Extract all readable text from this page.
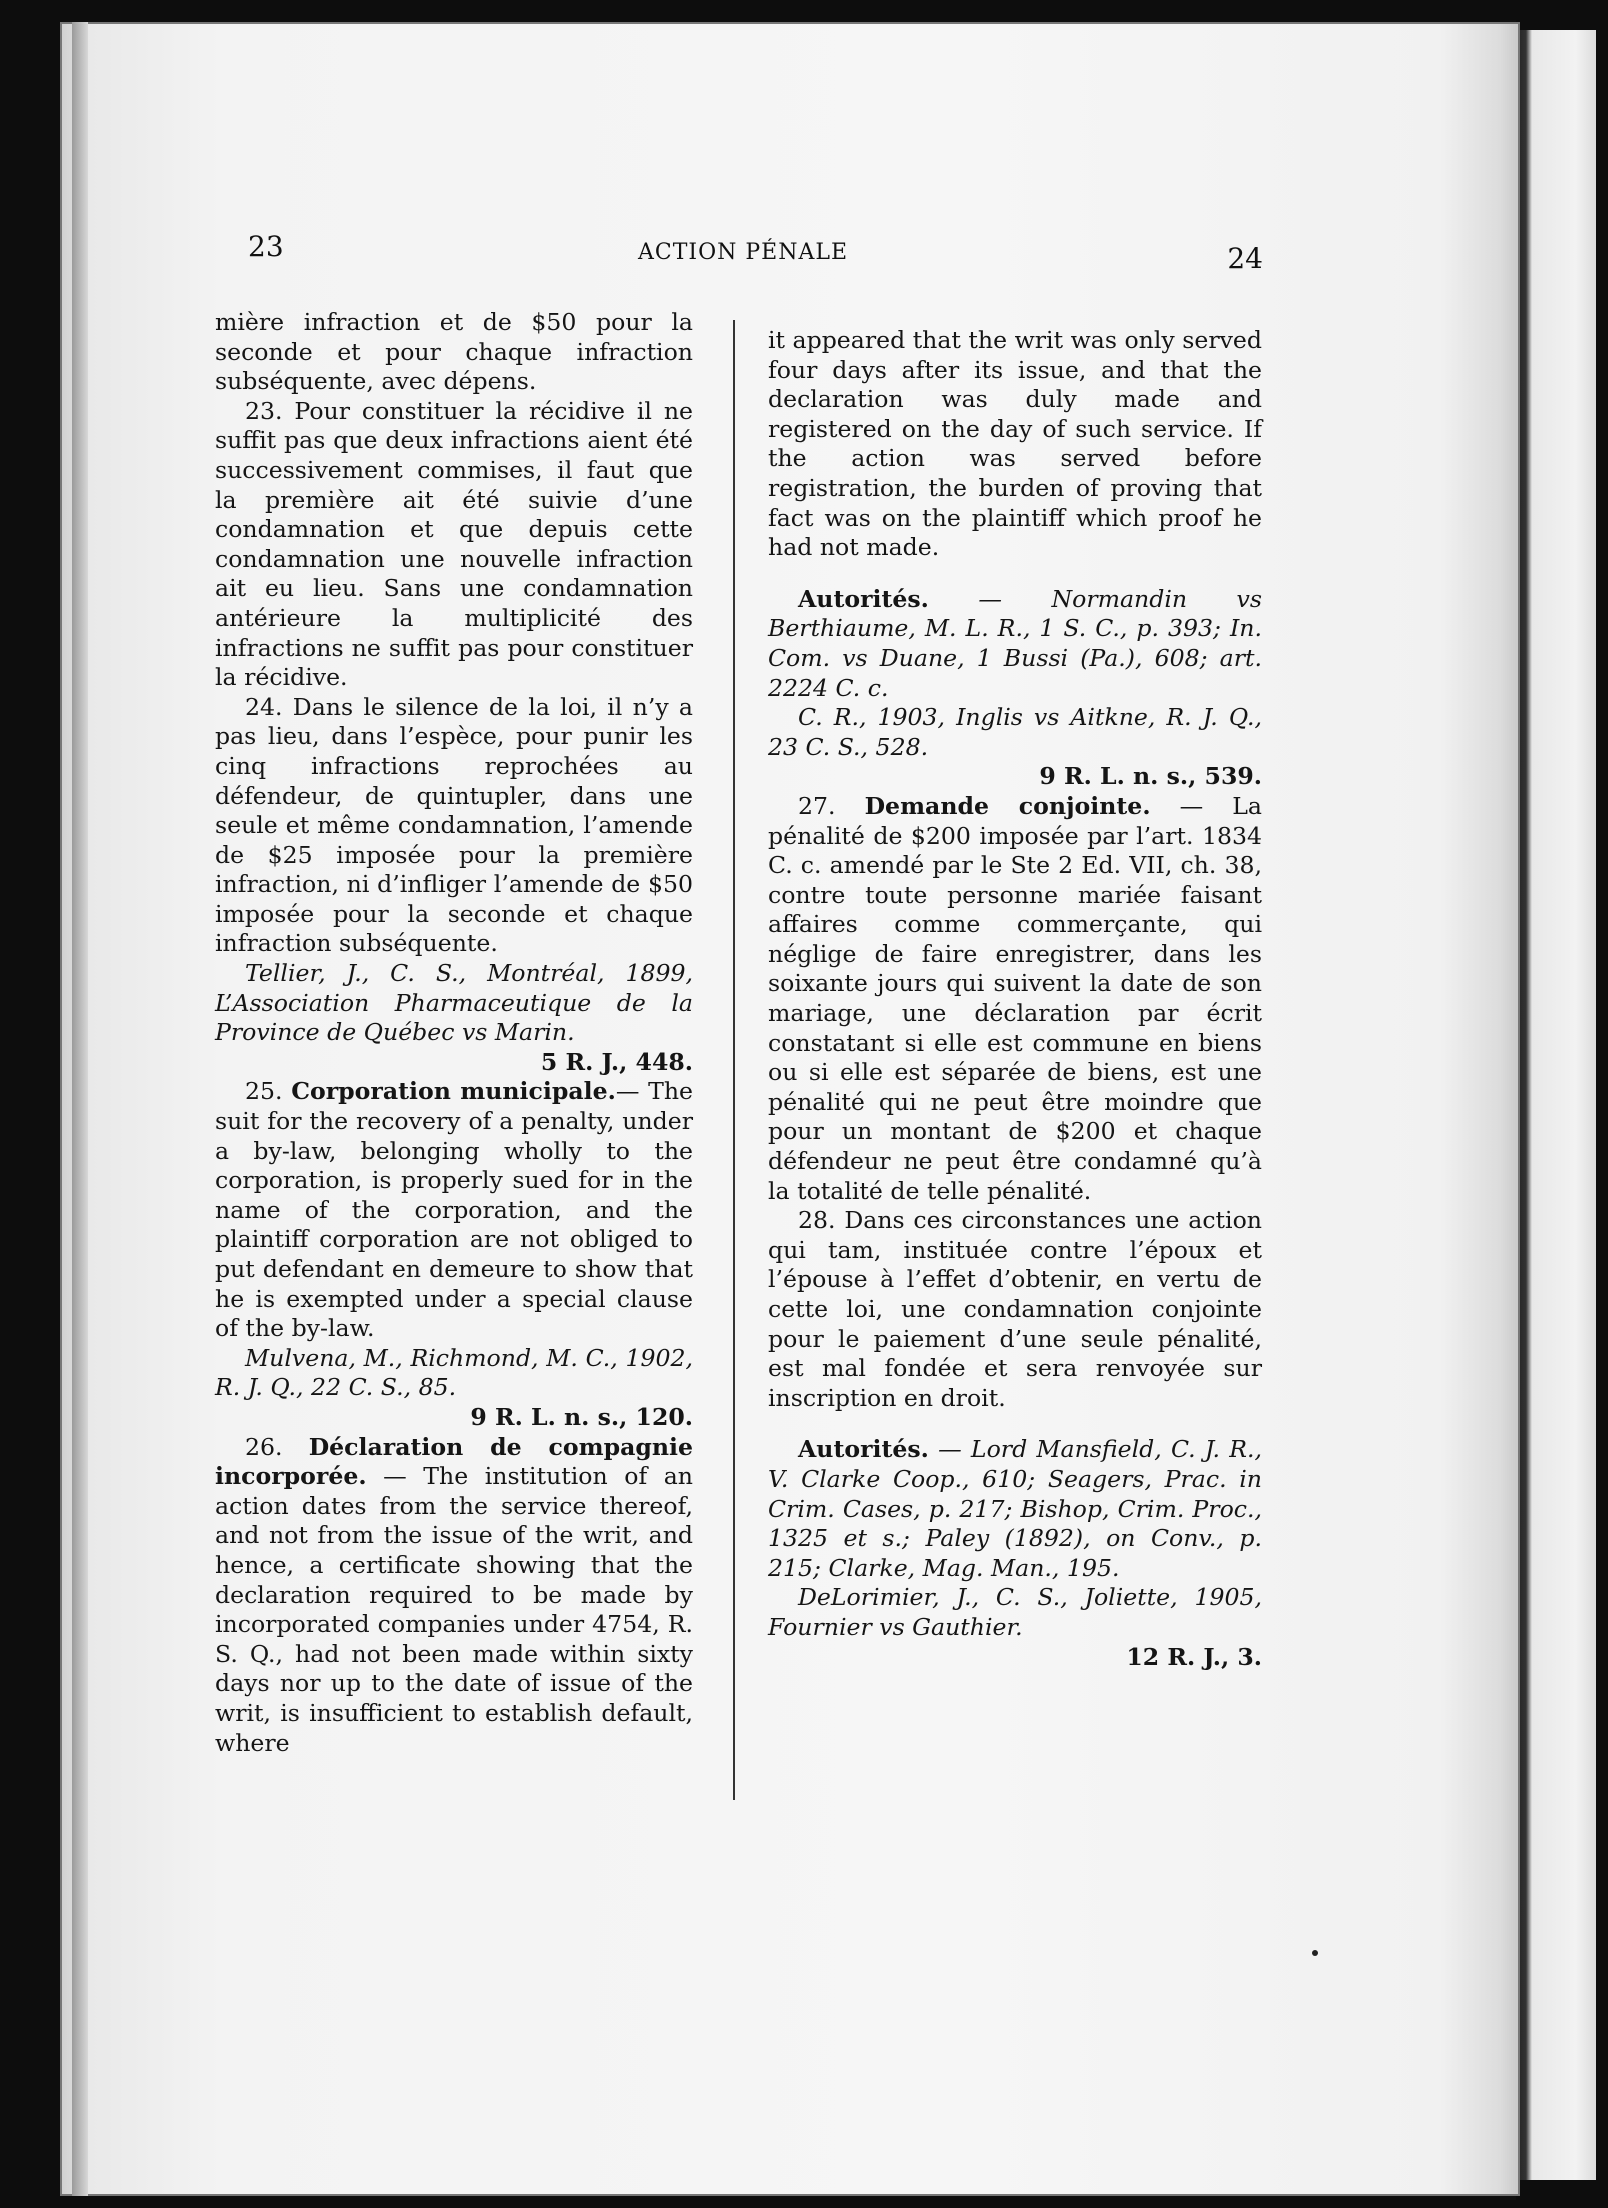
23	ACTION PÉNALE	24

mière infraction et de $50 pour la seconde et pour chaque infraction subséquente, avec dépens.

23. Pour constituer la récidive il ne suffit pas que deux infractions aient été successivement commises, il faut que la première ait été suivie d’une condamnation et que depuis cette condamnation une nouvelle infraction ait eu lieu. Sans une condamnation antérieure la multiplicité des infractions ne suffit pas pour constituer la récidive.

24. Dans le silence de la loi, il n’y a pas lieu, dans l’espèce, pour punir les cinq infractions reprochées au défendeur, de quintupler, dans une seule et même condamnation, l’amende de $25 imposée pour la première infraction, ni d’infliger l’amende de $50 imposée pour la seconde et chaque infraction subséquente.

Tellier, J., C. S., Montréal, 1899, L’Association Pharmaceutique de la Province de Québec vs Marin.

5 R. J., 448.

25. Corporation municipale.— The suit for the recovery of a penalty, under a by-law, belonging wholly to the corporation, is properly sued for in the name of the corporation, and the plaintiff corporation are not obliged to put defendant en demeure to show that he is exempted under a special clause of the by-law.

Mulvena, M., Richmond, M. C., 1902, R. J. Q., 22 C. S., 85.

9 R. L. n. s., 120.

26. Déclaration de compagnie incorporée. — The institution of an action dates from the service thereof, and not from the issue of the writ, and hence, a certificate showing that the declaration required to be made by incorporated companies under 4754, R. S. Q., had not been made within sixty days nor up to the date of issue of the writ, is insufficient to establish default, where

it appeared that the writ was only served four days after its issue, and that the declaration was duly made and registered on the day of such service. If the action was served before registration, the burden of proving that fact was on the plaintiff which proof he had not made.

Autorités. — Normandin vs Berthiaume, M. L. R., 1 S. C., p. 393; In. Com. vs Duane, 1 Bussi (Pa.), 608; art. 2224 C. c.

C. R., 1903, Inglis vs Aitkne, R. J. Q., 23 C. S., 528.

9 R. L. n. s., 539.

27. Demande conjointe. — La pénalité de $200 imposée par l’art. 1834 C. c. amendé par le Ste 2 Ed. VII, ch. 38, contre toute personne mariée faisant affaires comme commerçante, qui néglige de faire enregistrer, dans les soixante jours qui suivent la date de son mariage, une déclaration par écrit constatant si elle est commune en biens ou si elle est séparée de biens, est une pénalité qui ne peut être moindre que pour un montant de $200 et chaque défendeur ne peut être condamné qu’à la totalité de telle pénalité.

28. Dans ces circonstances une action qui tam, instituée contre l’époux et l’épouse à l’effet d’obtenir, en vertu de cette loi, une condamnation conjointe pour le paiement d’une seule pénalité, est mal fondée et sera renvoyée sur inscription en droit.

Autorités. — Lord Mansfield, C. J. R., V. Clarke Coop., 610; Seagers, Prac. in Crim. Cases, p. 217; Bishop, Crim. Proc., 1325 et s.; Paley (1892), on Conv., p. 215; Clarke, Mag. Man., 195.

DeLorimier, J., C. S., Joliette, 1905, Fournier vs Gauthier.

12 R. J., 3.
